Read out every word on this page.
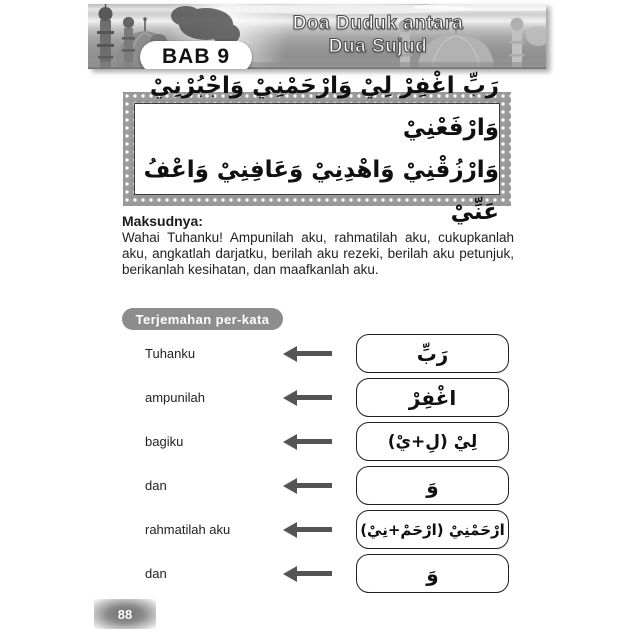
Doa Duduk antara
Dua Sujud
BAB 9
رَبِّ اغْفِرْ لِيْ وَارْحَمْنِيْ وَاجْبُرْنِيْ وَارْفَعْنِيْ
وَارْزُقْنِيْ وَاهْدِنِيْ وَعَافِنِيْ وَاعْفُ عَنِّيْ
Maksudnya:
Wahai Tuhanku! Ampunilah aku, rahmatilah aku, cukupkanlah aku, angkatlah darjatku, berilah aku rezeki, berilah aku petunjuk, berikanlah kesihatan, dan maafkanlah aku.
Terjemahan per-kata
Tuhanku	رَبِّ
ampunilah	اغْفِرْ
bagiku	لِيْ (لِ+يْ)
dan	وَ
rahmatilah aku	ارْحَمْنِيْ (ارْحَمْ+نِيْ)
dan	وَ
88
